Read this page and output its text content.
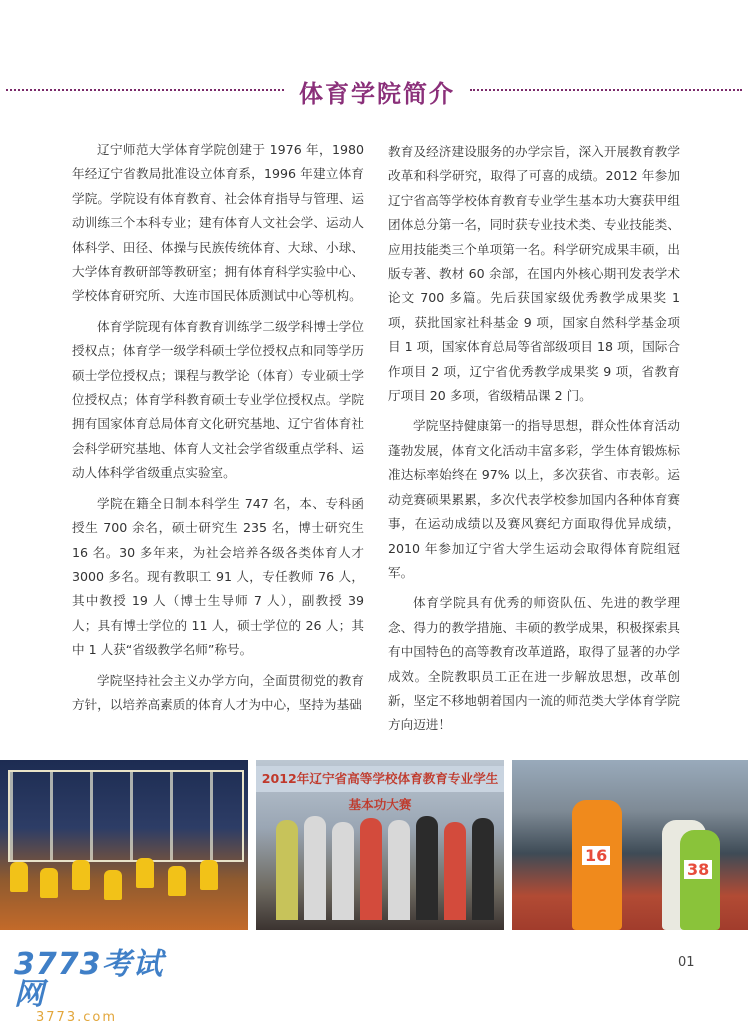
体育学院简介

辽宁师范大学体育学院创建于 1976 年，1980 年经辽宁省教局批准设立体育系，1996 年建立体育学院。学院设有体育教育、社会体育指导与管理、运动训练三个本科专业；建有体育人文社会学、运动人体科学、田径、体操与民族传统体育、大球、小球、大学体育教研部等教研室；拥有体育科学实验中心、学校体育研究所、大连市国民体质测试中心等机构。

体育学院现有体育教育训练学二级学科博士学位授权点；体育学一级学科硕士学位授权点和同等学历硕士学位授权点；课程与教学论（体育）专业硕士学位授权点；体育学科教育硕士专业学位授权点。学院拥有国家体育总局体育文化研究基地、辽宁省体育社会科学研究基地、体育人文社会学省级重点学科、运动人体科学省级重点实验室。

学院在籍全日制本科学生 747 名，本、专科函授生 700 余名，硕士研究生 235 名，博士研究生 16 名。30 多年来，为社会培养各级各类体育人才 3000 多名。现有教职工 91 人，专任教师 76 人，其中教授 19 人（博士生导师 7 人），副教授 39 人；具有博士学位的 11 人，硕士学位的 26 人；其中 1 人获“省级教学名师”称号。

学院坚持社会主义办学方向，全面贯彻党的教育方针，以培养高素质的体育人才为中心，坚持为基础

教育及经济建设服务的办学宗旨，深入开展教育教学改革和科学研究，取得了可喜的成绩。2012 年参加辽宁省高等学校体育教育专业学生基本功大赛获甲组团体总分第一名，同时获专业技术类、专业技能类、应用技能类三个单项第一名。科学研究成果丰硕，出版专著、教材 60 余部，在国内外核心期刊发表学术论文 700 多篇。先后获国家级优秀教学成果奖 1 项，获批国家社科基金 9 项，国家自然科学基金项目 1 项，国家体育总局等省部级项目 18 项，国际合作项目 2 项，辽宁省优秀教学成果奖 9 项，省教育厅项目 20 多项，省级精品课 2 门。

学院坚持健康第一的指导思想，群众性体育活动蓬勃发展，体育文化活动丰富多彩，学生体育锻炼标准达标率始终在 97% 以上，多次获省、市表彰。运动竞赛硕果累累，多次代表学校参加国内各种体育赛事，在运动成绩以及赛风赛纪方面取得优异成绩，2010 年参加辽宁省大学生运动会取得体育院组冠军。

体育学院具有优秀的师资队伍、先进的教学理念、得力的教学措施、丰硕的教学成果，积极探索具有中国特色的高等教育改革道路，取得了显著的办学成效。全院教职员工正在进一步解放思想，改革创新，坚定不移地朝着国内一流的师范类大学体育学院方向迈进！

2012年辽宁省高等学校体育教育专业学生基本功大赛
16
38
3773考试网
3773.com
01
